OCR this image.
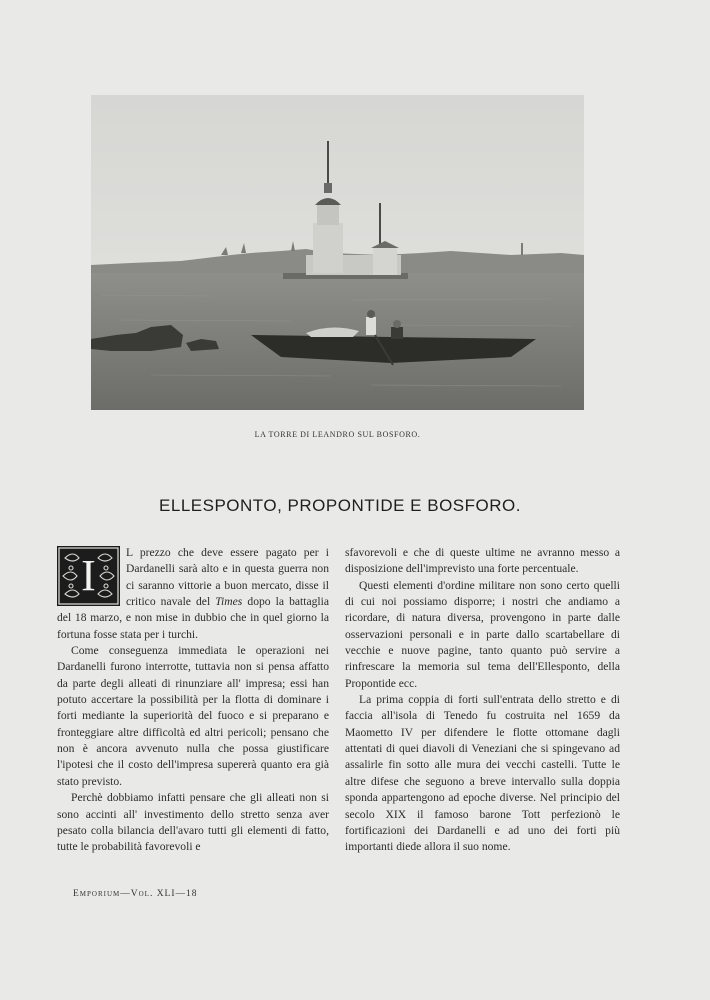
LA TORRE DI LEANDRO SUL BOSFORO.
ELLESPONTO, PROPONTIDE E BOSFORO.

I	L prezzo che deve essere pagato per i Dardanelli sarà alto e in questa guerra non ci saranno vittorie a buon mercato, disse il critico navale del Times dopo la battaglia del 18 marzo, e non mise in dubbio che in quel giorno la fortuna fosse stata per i turchi.

Come conseguenza immediata le operazioni nei Dardanelli furono interrotte, tuttavia non si pensa affatto da parte degli alleati di rinunziare all' impresa; essi han potuto accertare la possibilità per la flotta di dominare i forti mediante la superiorità del fuoco e si preparano e fronteggiare altre difficoltà ed altri pericoli; pensano che non è ancora avvenuto nulla che possa giustificare l'ipotesi che il costo dell'impresa supererà quanto era già stato previsto.

Perchè dobbiamo infatti pensare che gli alleati non si sono accinti all' investimento dello stretto senza aver pesato colla bilancia dell'avaro tutti gli elementi di fatto, tutte le probabilità favorevoli e

sfavorevoli e che di queste ultime ne avranno messo a disposizione dell'imprevisto una forte percentuale.

Questi elementi d'ordine militare non sono certo quelli di cui noi possiamo disporre; i nostri che andiamo a ricordare, di natura diversa, provengono in parte dalle osservazioni personali e in parte dallo scartabellare di vecchie e nuove pagine, tanto quanto può servire a rinfrescare la memoria sul tema dell'Ellesponto, della Propontide ecc.

La prima coppia di forti sull'entrata dello stretto e di faccia all'isola di Tenedo fu costruita nel 1659 da Maometto IV per difendere le flotte ottomane dagli attentati di quei diavoli di Veneziani che si spingevano ad assalirle fin sotto alle mura dei vecchi castelli. Tutte le altre difese che seguono a breve intervallo sulla doppia sponda appartengono ad epoche diverse. Nel principio del secolo XIX il famoso barone Tott perfezionò le fortificazioni dei Dardanelli e ad uno dei forti più importanti diede allora il suo nome.

Emporium—Vol. XLI—18
